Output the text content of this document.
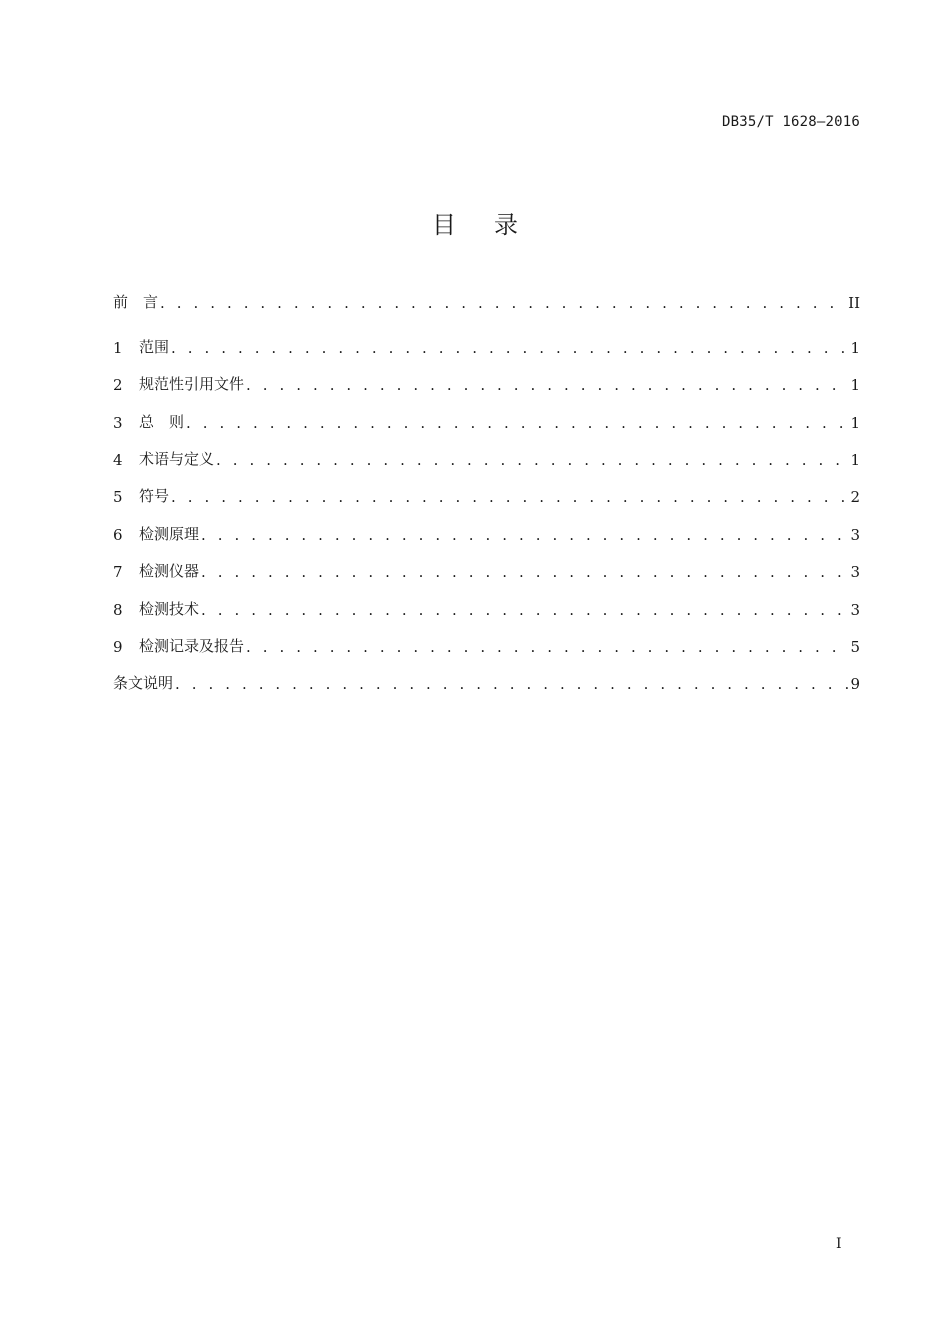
DB35/T 1628—2016
目录
前　言 . . .	II
1	范围 . . .	1
2	规范性引用文件 . . .	1
3	总　则 . . .	1
4	术语与定义 . . .	1
5	符号 . . .	2
6	检测原理 . . .	3
7	检测仪器 . . .	3
8	检测技术 . . .	3
9	检测记录及报告 . . .	5
条文说明 . . .	9
I
